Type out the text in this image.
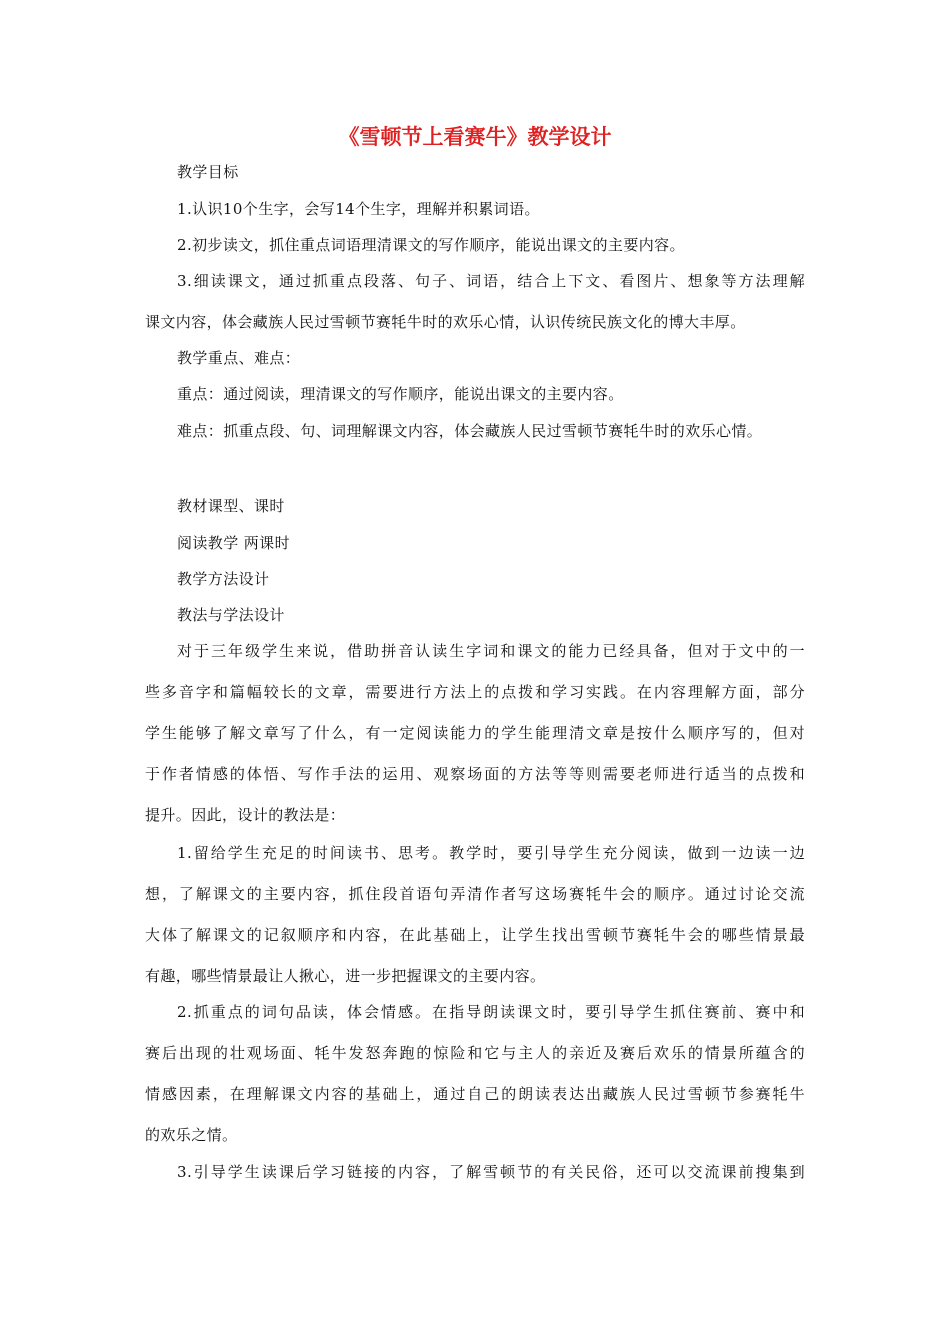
《雪顿节上看赛牛》教学设计

教学目标

1.认识10个生字，会写14个生字，理解并积累词语。

2.初步读文，抓住重点词语理清课文的写作顺序，能说出课文的主要内容。

3.细读课文，通过抓重点段落、句子、词语，结合上下文、看图片、想象等方法理解

课文内容，体会藏族人民过雪顿节赛牦牛时的欢乐心情，认识传统民族文化的博大丰厚。

教学重点、难点：

重点：通过阅读，理清课文的写作顺序，能说出课文的主要内容。

难点：抓重点段、句、词理解课文内容，体会藏族人民过雪顿节赛牦牛时的欢乐心情。

教材课型、课时

阅读教学 两课时

教学方法设计

教法与学法设计

对于三年级学生来说，借助拼音认读生字词和课文的能力已经具备，但对于文中的一

些多音字和篇幅较长的文章，需要进行方法上的点拨和学习实践。在内容理解方面，部分

学生能够了解文章写了什么，有一定阅读能力的学生能理清文章是按什么顺序写的，但对

于作者情感的体悟、写作手法的运用、观察场面的方法等等则需要老师进行适当的点拨和

提升。因此，设计的教法是：

1.留给学生充足的时间读书、思考。教学时，要引导学生充分阅读，做到一边读一边

想，了解课文的主要内容，抓住段首语句弄清作者写这场赛牦牛会的顺序。通过讨论交流

大体了解课文的记叙顺序和内容，在此基础上，让学生找出雪顿节赛牦牛会的哪些情景最

有趣，哪些情景最让人揪心，进一步把握课文的主要内容。

2.抓重点的词句品读，体会情感。在指导朗读课文时，要引导学生抓住赛前、赛中和

赛后出现的壮观场面、牦牛发怒奔跑的惊险和它与主人的亲近及赛后欢乐的情景所蕴含的

情感因素，在理解课文内容的基础上，通过自己的朗读表达出藏族人民过雪顿节参赛牦牛

的欢乐之情。

3.引导学生读课后学习链接的内容，了解雪顿节的有关民俗，还可以交流课前搜集到
